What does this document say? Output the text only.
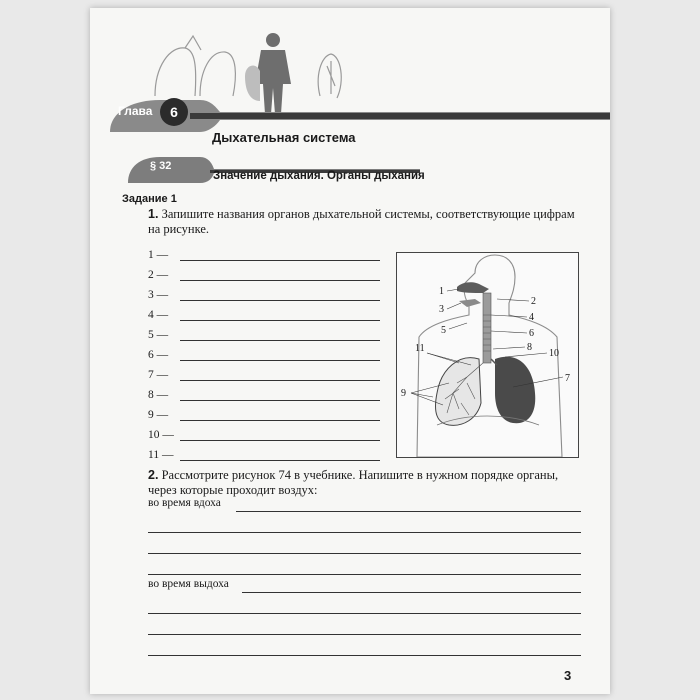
Глава	6
Дыхательная система
§ 32
Значение дыхания. Органы дыхания
Задание 1
1. Запишите названия органов дыхательной системы, соответствующие цифрам на рисунке.
1 —
2 —
3 —
4 —
5 —
6 —
7 —
8 —
9 —
10 —
11 —
1
2
3
4
5	6
7
8
9
10
11
2. Рассмотрите рисунок 74 в учебнике. Напишите в нужном порядке органы, через которые проходит воздух:
во время вдоха
во время выдоха
3
